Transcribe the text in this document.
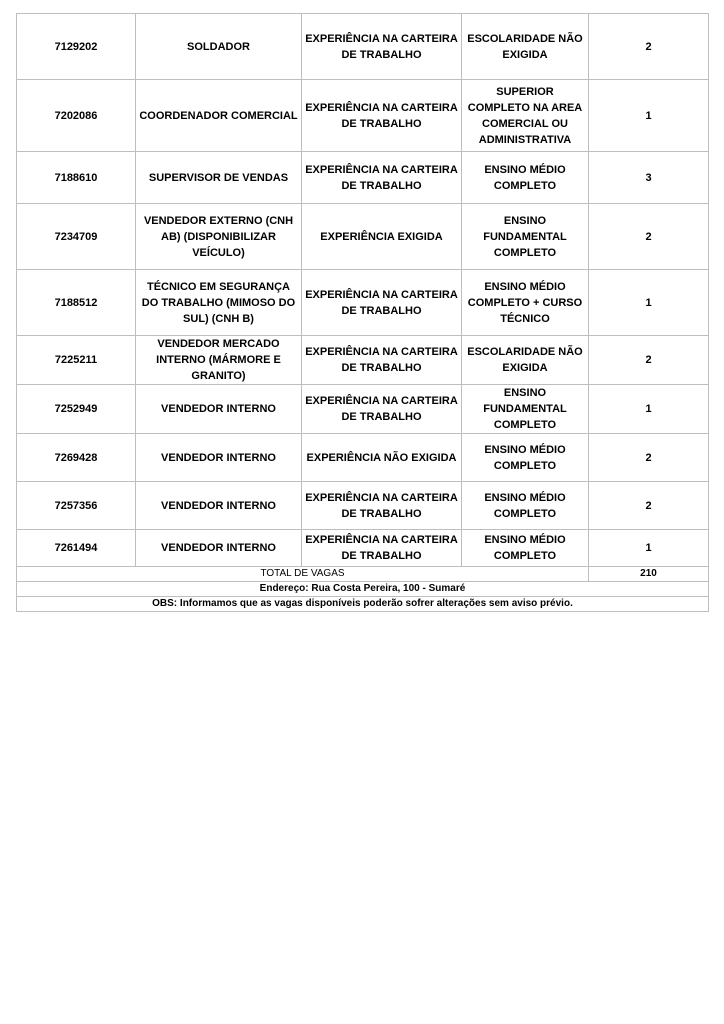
7129202	SOLDADOR	EXPERIÊNCIA NA CARTEIRA DE TRABALHO	ESCOLARIDADE NÃO EXIGIDA	2
7202086	COORDENADOR COMERCIAL	EXPERIÊNCIA NA CARTEIRA DE TRABALHO	SUPERIOR COMPLETO NA AREA COMERCIAL OU ADMINISTRATIVA	1
7188610	SUPERVISOR DE VENDAS	EXPERIÊNCIA NA CARTEIRA DE TRABALHO	ENSINO MÉDIO COMPLETO	3
7234709	VENDEDOR EXTERNO (CNH AB) (DISPONIBILIZAR VEÍCULO)	EXPERIÊNCIA EXIGIDA	ENSINO FUNDAMENTAL COMPLETO	2
7188512	TÉCNICO EM SEGURANÇA DO TRABALHO (MIMOSO DO SUL) (CNH B)	EXPERIÊNCIA NA CARTEIRA DE TRABALHO	ENSINO MÉDIO COMPLETO + CURSO TÉCNICO	1
7225211	VENDEDOR MERCADO INTERNO (MÁRMORE E GRANITO)	EXPERIÊNCIA NA CARTEIRA DE TRABALHO	ESCOLARIDADE NÃO EXIGIDA	2
7252949	VENDEDOR INTERNO	EXPERIÊNCIA NA CARTEIRA DE TRABALHO	ENSINO FUNDAMENTAL COMPLETO	1
7269428	VENDEDOR INTERNO	EXPERIÊNCIA NÃO EXIGIDA	ENSINO MÉDIO COMPLETO	2
7257356	VENDEDOR INTERNO	EXPERIÊNCIA NA CARTEIRA DE TRABALHO	ENSINO MÉDIO COMPLETO	2
7261494	VENDEDOR INTERNO	EXPERIÊNCIA NA CARTEIRA DE TRABALHO	ENSINO MÉDIO COMPLETO	1
TOTAL DE VAGAS				210
Endereço: Rua Costa Pereira, 100 - Sumaré				
OBS: Informamos que as vagas disponíveis poderão sofrer alterações sem aviso prévio.				
